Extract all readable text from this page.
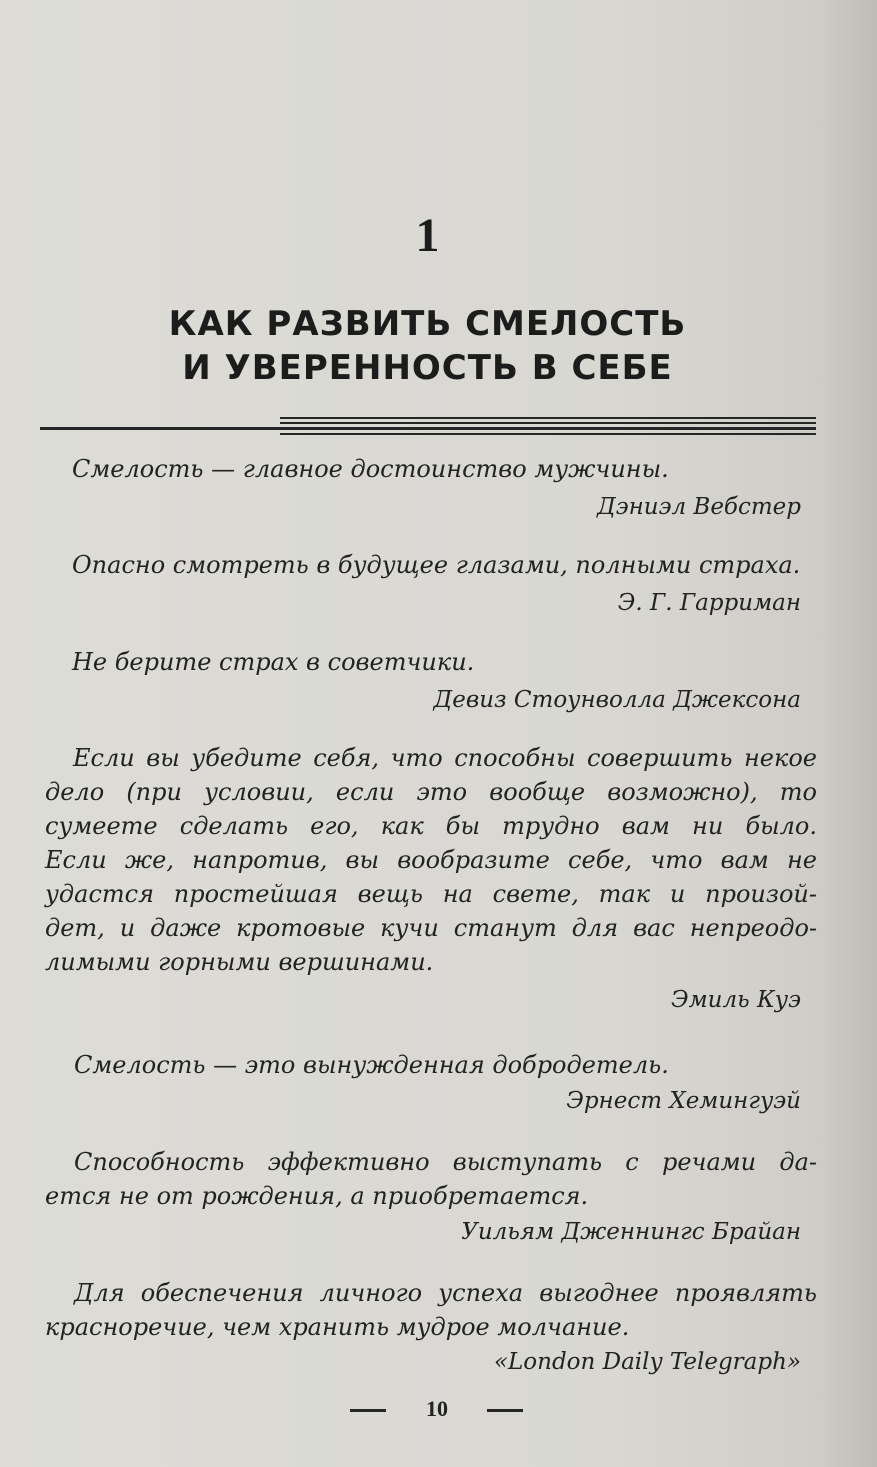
1
КАК РАЗВИТЬ СМЕЛОСТЬ
И УВЕРЕННОСТЬ В СЕБЕ
Смелость — главное достоинство мужчины.
Дэниэл Вебстер
Опасно смотреть в будущее глазами, полными страха.
Э. Г. Гарриман
Не берите страх в советчики.
Девиз Стоунволла Джексона
Если вы убедите себя, что способны совершить некое
дело (при условии, если это вообще возможно), то
сумеете сделать его, как бы трудно вам ни было.
Если же, напротив, вы вообразите себе, что вам не
удастся простейшая вещь на свете, так и произой-
дет, и даже кротовые кучи станут для вас непреодо-
лимыми горными вершинами.
Эмиль Куэ
Смелость — это вынужденная добродетель.
Эрнест Хемингуэй
Способность эффективно выступать с речами да-
ется не от рождения, а приобретается.
Уильям Дженнингс Брайан
Для обеспечения личного успеха выгоднее проявлять
красноречие, чем хранить мудрое молчание.
«London Daily Telegraph»
10
